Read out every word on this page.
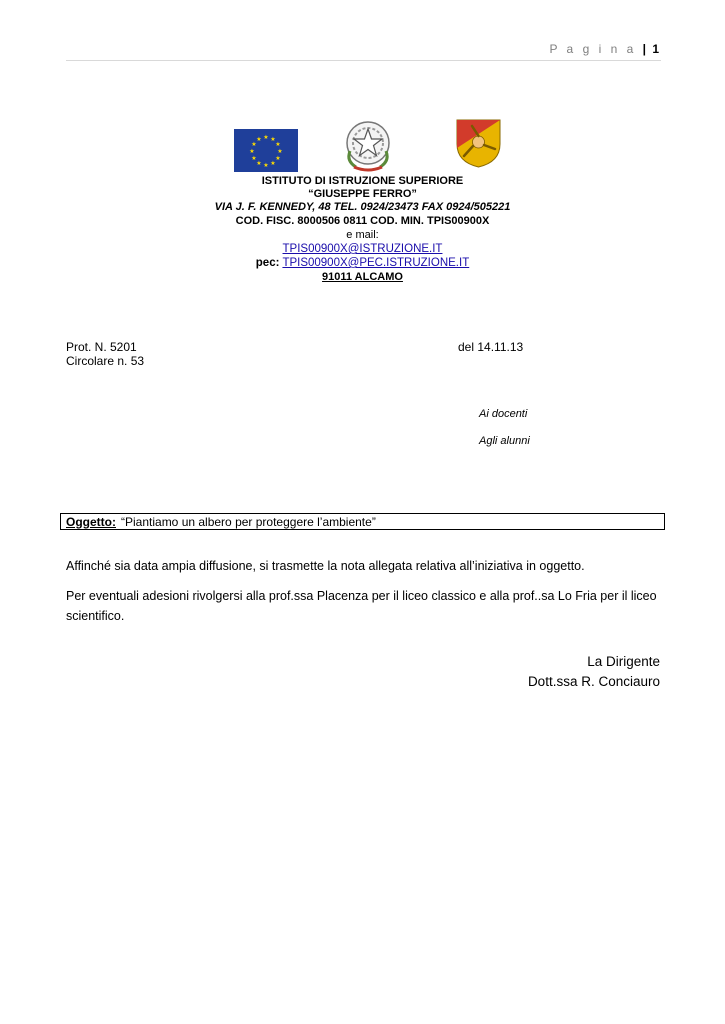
P a g i n a | 1
★ ★
★
★
★
★
★
★
★
★
★
★
ISTITUTO DI ISTRUZIONE SUPERIORE
“GIUSEPPE FERRO”
VIA J. F. KENNEDY, 48 TEL. 0924/23473 FAX 0924/505221
COD. FISC. 8000506 0811 COD. MIN. TPIS00900X
e mail:
TPIS00900X@ISTRUZIONE.IT
pec: TPIS00900X@PEC.ISTRUZIONE.IT
91011 ALCAMO
Prot. N. 5201
Circolare n. 53
del 14.11.13
Ai docenti
Agli alunni
Oggetto: “Piantiamo un albero per proteggere l’ambiente”
Affinché sia data ampia diffusione, si trasmette la nota allegata relativa all’iniziativa in oggetto.
Per eventuali adesioni rivolgersi alla prof.ssa Placenza per il liceo classico e alla prof..sa Lo Fria per il liceo scientifico.
La Dirigente
Dott.ssa R. Conciauro
